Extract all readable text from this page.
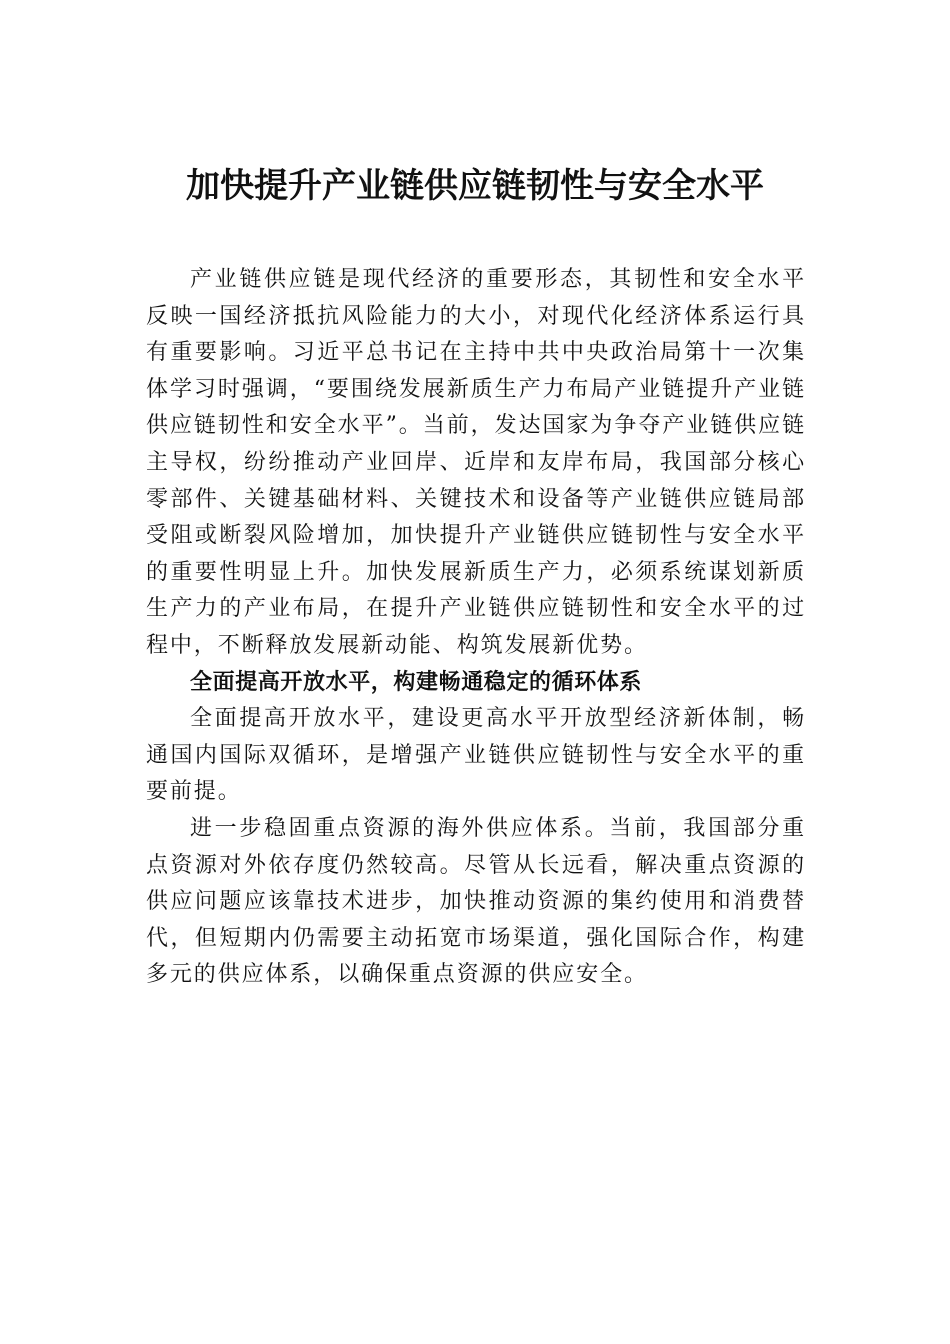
加快提升产业链供应链韧性与安全水平

产业链供应链是现代经济的重要形态，其韧性和安全水平反映一国经济抵抗风险能力的大小，对现代化经济体系运行具有重要影响。习近平总书记在主持中共中央政治局第十一次集体学习时强调，“要围绕发展新质生产力布局产业链提升产业链供应链韧性和安全水平”。当前，发达国家为争夺产业链供应链主导权，纷纷推动产业回岸、近岸和友岸布局，我国部分核心零部件、关键基础材料、关键技术和设备等产业链供应链局部受阻或断裂风险增加，加快提升产业链供应链韧性与安全水平的重要性明显上升。加快发展新质生产力，必须系统谋划新质生产力的产业布局，在提升产业链供应链韧性和安全水平的过程中，不断释放发展新动能、构筑发展新优势。

全面提高开放水平，构建畅通稳定的循环体系

全面提高开放水平，建设更高水平开放型经济新体制，畅通国内国际双循环，是增强产业链供应链韧性与安全水平的重要前提。

进一步稳固重点资源的海外供应体系。当前，我国部分重点资源对外依存度仍然较高。尽管从长远看，解决重点资源的供应问题应该靠技术进步，加快推动资源的集约使用和消费替代，但短期内仍需要主动拓宽市场渠道，强化国际合作，构建多元的供应体系，以确保重点资源的供应安全。
